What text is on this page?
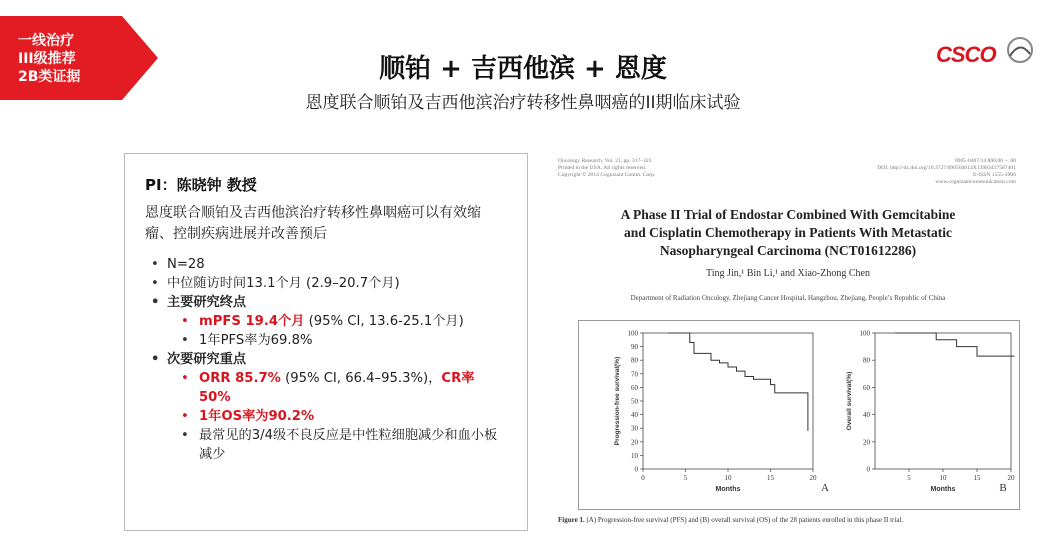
一线治疗
III级推荐
2B类证据
CSCO
顺铂 + 吉西他滨 + 恩度
恩度联合顺铂及吉西他滨治疗转移性鼻咽癌的II期临床试验
PI：陈晓钟 教授
恩度联合顺铂及吉西他滨治疗转移性鼻咽癌可以有效缩瘤、控制疾病进展并改善预后
• N=28
• 中位随访时间13.1个月 (2.9–20.7个月)
• 主要研究终点
• mPFS 19.4个月 (95% CI, 13.6-25.1个月)
• 1年PFS率为69.8%
• 次要研究重点
• ORR 85.7% (95% CI, 66.4–95.3%)，CR率50%
• 1年OS率为90.2%
• 最常见的3/4级不良反应是中性粒细胞减少和血小板减少
Oncology Research, Vol. 21, pp. 317–323
Printed in the USA. All rights reserved.
Copyright © 2014 Cognizant Comm. Corp.
0965-0407/14 $90.00 + .00
DOI: http://dx.doi.org/10.3727/096504014X13983417587401
E-ISSN 1555-3906
www.cognizantcommunication.com
A Phase II Trial of Endostar Combined With Gemcitabine
and Cisplatin Chemotherapy in Patients With Metastatic
Nasopharyngeal Carcinoma (NCT01612286)
Ting Jin,¹ Bin Li,¹ and Xiao-Zhong Chen
Department of Radiation Oncology, Zhejiang Cancer Hospital, Hangzhou, Zhejiang, People’s Republic of China
0
10
20
30
40
50
60
70
80
90
100
0	5	10	15	20
Months
Progression-free survival(%)
A
0
20
40
60
80
100
5	10	15	20
Months
Overall survival(%)
B
Figure 1. (A) Progression-free survival (PFS) and (B) overall survival (OS) of the 28 patients enrolled in this phase II trial.
